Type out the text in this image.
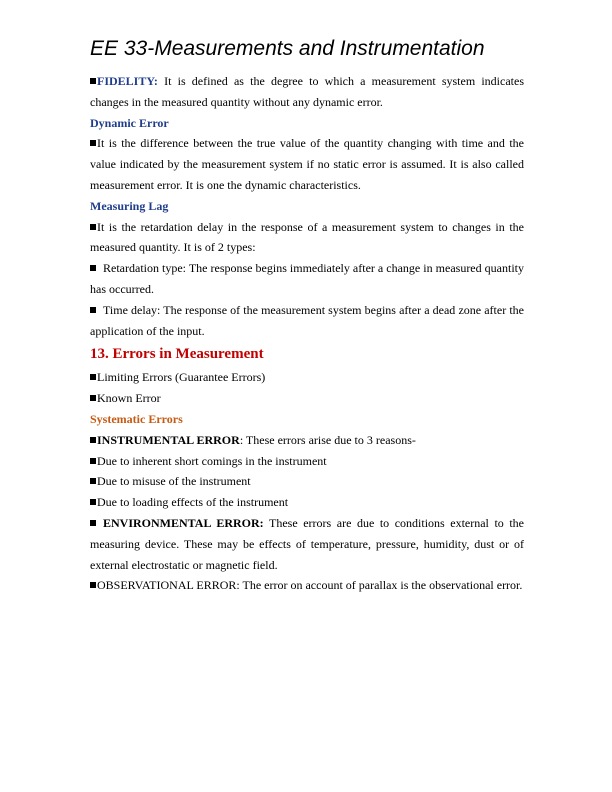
EE 33-Measurements and Instrumentation

FIDELITY: It is defined as the degree to which a measurement system indicates changes in the measured quantity without any dynamic error.

Dynamic Error

It is the difference between the true value of the quantity changing with time and the value indicated by the measurement system if no static error is assumed. It is also called measurement error. It is one the dynamic characteristics.

Measuring Lag

It is the retardation delay in the response of a measurement system to changes in the measured quantity. It is of 2 types:

Retardation type: The response begins immediately after a change in measured quantity has occurred.

Time delay: The response of the measurement system begins after a dead zone after the application of the input.

13. Errors in Measurement

Limiting Errors (Guarantee Errors)

Known Error

Systematic Errors

INSTRUMENTAL ERROR: These errors arise due to 3 reasons-

Due to inherent short comings in the instrument

Due to misuse of the instrument

Due to loading effects of the instrument

ENVIRONMENTAL ERROR: These errors are due to conditions external to the measuring device. These may be effects of temperature, pressure, humidity, dust or of external electrostatic or magnetic field.

OBSERVATIONAL ERROR: The error on account of parallax is the observational error.
